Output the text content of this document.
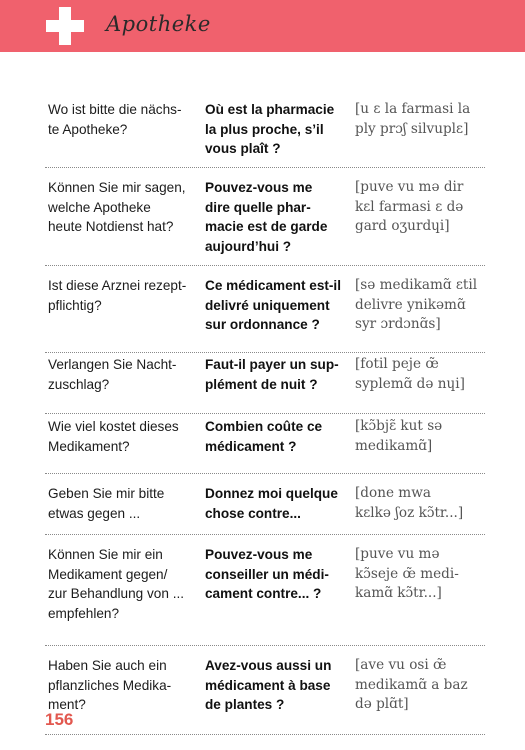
Apotheke
Wo ist bitte die nächs-
te Apotheke?
Où est la pharmacie
la plus proche, s’il
vous plaît ?
[u ɛ la farmasi la
ply prɔʃ silvuplɛ]
Können Sie mir sagen,
welche Apotheke
heute Notdienst hat?
Pouvez-vous me
dire quelle phar-
macie est de garde
aujourd’hui ?
[puve vu mə dir
kɛl farmasi ɛ də
gard oʒurdɥi]
Ist diese Arznei rezept-
pflichtig?
Ce médicament est-il
delivré uniquement
sur ordonnance ?
[sə medikamɑ̃ ɛtil
delivre ynikəmɑ̃
syr ɔrdɔnɑ̃s]
Verlangen Sie Nacht-
zuschlag?
Faut-il payer un sup-
plément de nuit ?
[fotil peje œ̃
syplemɑ̃ də nɥi]
Wie viel kostet dieses
Medikament?
Combien coûte ce
médicament ?
[kɔ̃bjɛ̃ kut sə
medikamɑ̃]
Geben Sie mir bitte
etwas gegen ...
Donnez moi quelque
chose contre...
[done mwa
kɛlkə ʃoz kɔ̃tr...]
Können Sie mir ein
Medikament gegen/
zur Behandlung von ...
empfehlen?
Pouvez-vous me
conseiller un médi-
cament contre... ?
[puve vu mə
kɔ̃seje œ̃ medi-
kamɑ̃ kɔ̃tr...]
Haben Sie auch ein
pflanzliches Medika-
ment?
Avez-vous aussi un
médicament à base
de plantes ?
[ave vu osi œ̃
medikamɑ̃ a baz
də plɑ̃t]
156
